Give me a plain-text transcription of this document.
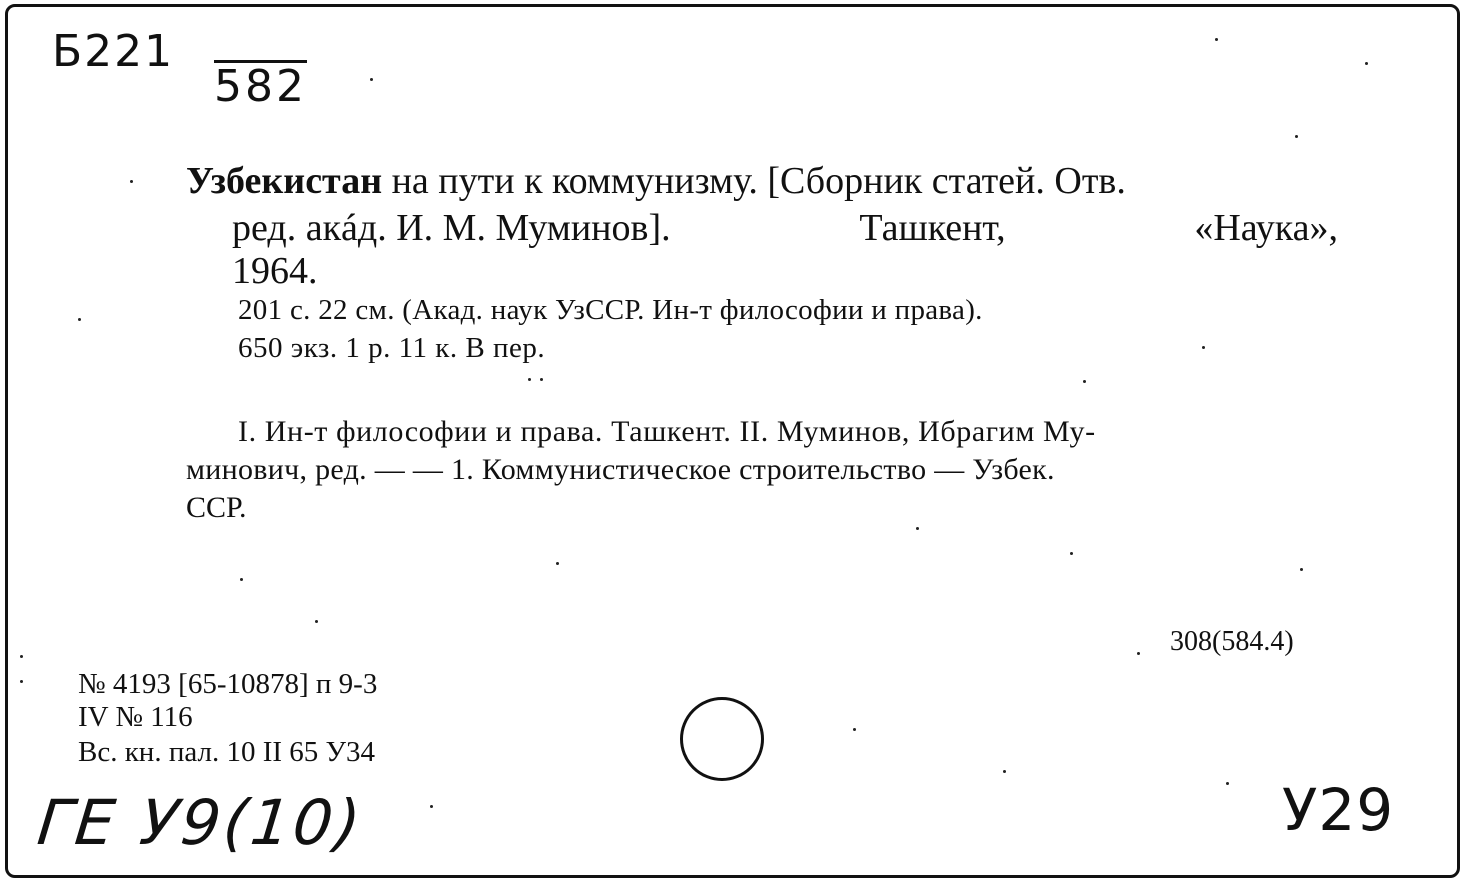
Б221
582

Узбекистан на пути к коммунизму. [Сборник статей. Отв.

ред. акáд. И. М. Муминов].	Ташкент,	«Наука»,

1964.

201 с. 22 см. (Акад. наук УзССР. Ин-т философии и права).

650 экз. 1 р. 11 к. В пер.

I. Ин-т философии и права. Ташкент. II. Муминов, Ибрагим Му-

минович, ред. — — 1. Коммунистическое строительство — Узбек.

ССР.

308(584.4)

№ 4193 [65-10878] п 9-3

IV № 116

Вс. кн. пал. 10 II 65 У34

ГЕ У9(10)	У29
